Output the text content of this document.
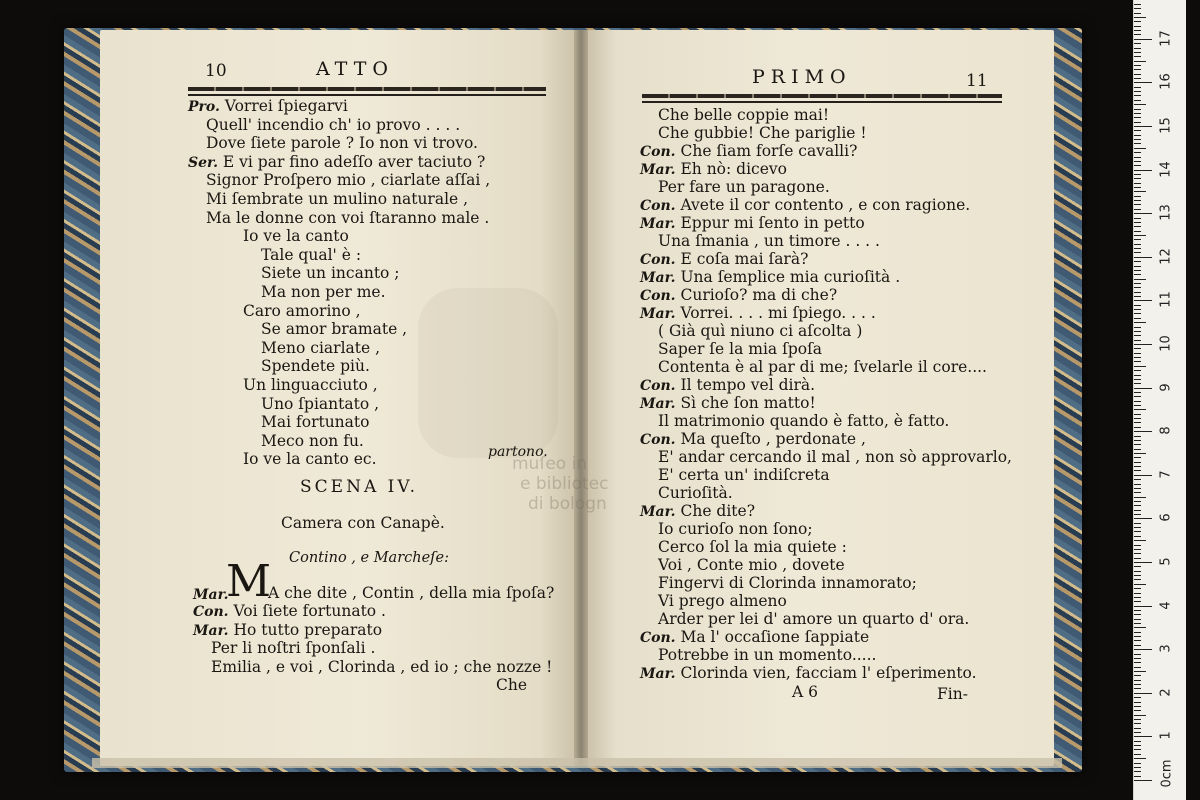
10	ATTO
Pro. Vorrei ſpiegarvi
Quell' incendio ch' io provo . . . .
Dove ſiete parole ? Io non vi trovo.
Ser. E vi par fino adeſſo aver taciuto ?
Signor Proſpero mio , ciarlate aſſai ,
Mi ſembrate un mulino naturale ,
Ma le donne con voi ſtaranno male .
Io ve la canto
Tale qual' è :
Siete un incanto ;
Ma non per me.
Caro amorino ,
Se amor bramate ,
Meno ciarlate ,
Spendete più.
Un linguacciuto ,
Uno ſpiantato ,
Mai fortunato
Meco non fu.
Io ve la canto ec.	partono.
SCENA IV.
Camera con Canapè.
Contino , e Marcheſe:
Mar.
M
A che dite , Contin , della mia ſpoſa?
Con. Voi ſiete fortunato .
Mar. Ho tutto preparato
Per li noſtri ſponſali .
Emilia , e voi , Clorinda , ed io ; che nozze !
Che
PRIMO	11
Che belle coppie mai!
Che gubbie! Che pariglie !
Con. Che ſiam forſe cavalli?
Mar. Eh nò: dicevo
Per fare un paragone.
Con. Avete il cor contento , e con ragione.
Mar. Eppur mi ſento in petto
Una ſmania , un timore . . . .
Con. E coſa mai ſarà?
Mar. Una ſemplice mia curioſità .
Con. Curioſo? ma di che?
Mar. Vorrei. . . . mi ſpiego. . . .
( Già quì niuno ci aſcolta )
Saper ſe la mia ſpoſa
Contenta è al par di me; ſvelarle il core....
Con. Il tempo vel dirà.
Mar. Sì che ſon matto!
Il matrimonio quando è fatto, è fatto.
Con. Ma queſto , perdonate ,
E' andar cercando il mal , non sò approvarlo,
E' certa un' indiſcreta
Curioſità.
Mar. Che dite?
Io curioſo non ſono;
Cerco ſol la mia quiete :
Voi , Conte mio , dovete
Fingervi di Clorinda innamorato;
Vi prego almeno
Arder per lei d' amore un quarto d' ora.
Con. Ma l' occaſione ſappiate
Potrebbe in un momento.....
Mar. Clorinda vien, facciam l' eſperimento.
A 6	Fin-
muſeo in
e bibliotec
di bologn
17
16
15
14
13
12
11
10
9
8
7
6
5
4
3
2
1
0cm
